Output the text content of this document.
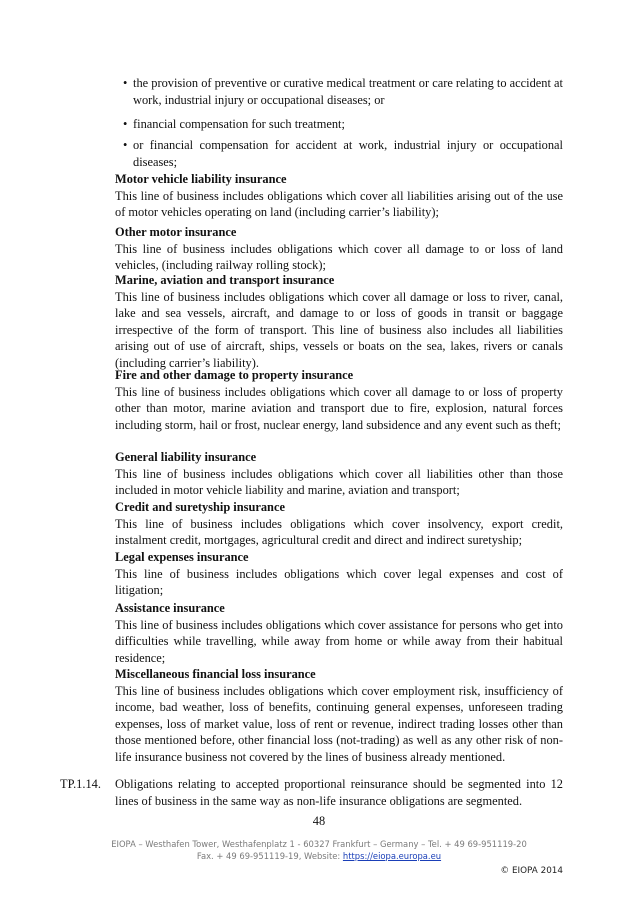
• the provision of preventive or curative medical treatment or care relating to accident at work, industrial injury or occupational diseases; or
• financial compensation for such treatment;
• or financial compensation for accident at work, industrial injury or occupational diseases;
Motor vehicle liability insurance
This line of business includes obligations which cover all liabilities arising out of the use of motor vehicles operating on land (including carrier’s liability);
Other motor insurance
This line of business includes obligations which cover all damage to or loss of land vehicles, (including railway rolling stock);
Marine, aviation and transport insurance
This line of business includes obligations which cover all damage or loss to river, canal, lake and sea vessels, aircraft, and damage to or loss of goods in transit or baggage irrespective of the form of transport. This line of business also includes all liabilities arising out of use of aircraft, ships, vessels or boats on the sea, lakes, rivers or canals (including carrier’s liability).
Fire and other damage to property insurance
This line of business includes obligations which cover all damage to or loss of property other than motor, marine aviation and transport due to fire, explosion, natural forces including storm, hail or frost, nuclear energy, land subsidence and any event such as theft;
General liability insurance
This line of business includes obligations which cover all liabilities other than those included in motor vehicle liability and marine, aviation and transport;
Credit and suretyship insurance
This line of business includes obligations which cover insolvency, export credit, instalment credit, mortgages, agricultural credit and direct and indirect suretyship;
Legal expenses insurance
This line of business includes obligations which cover legal expenses and cost of litigation;
Assistance insurance
This line of business includes obligations which cover assistance for persons who get into difficulties while travelling, while away from home or while away from their habitual residence;
Miscellaneous financial loss insurance
This line of business includes obligations which cover employment risk, insufficiency of income, bad weather, loss of benefits, continuing general expenses, unforeseen trading expenses, loss of market value, loss of rent or revenue, indirect trading losses other than those mentioned before, other financial loss (not-trading) as well as any other risk of non-life insurance business not covered by the lines of business already mentioned.
TP.1.14. Obligations relating to accepted proportional reinsurance should be segmented into 12 lines of business in the same way as non-life insurance obligations are segmented.
48
EIOPA – Westhafen Tower, Westhafenplatz 1 - 60327 Frankfurt – Germany – Tel. + 49 69-951119-20
Fax. + 49 69-951119-19, Website: https://eiopa.europa.eu
© EIOPA 2014
